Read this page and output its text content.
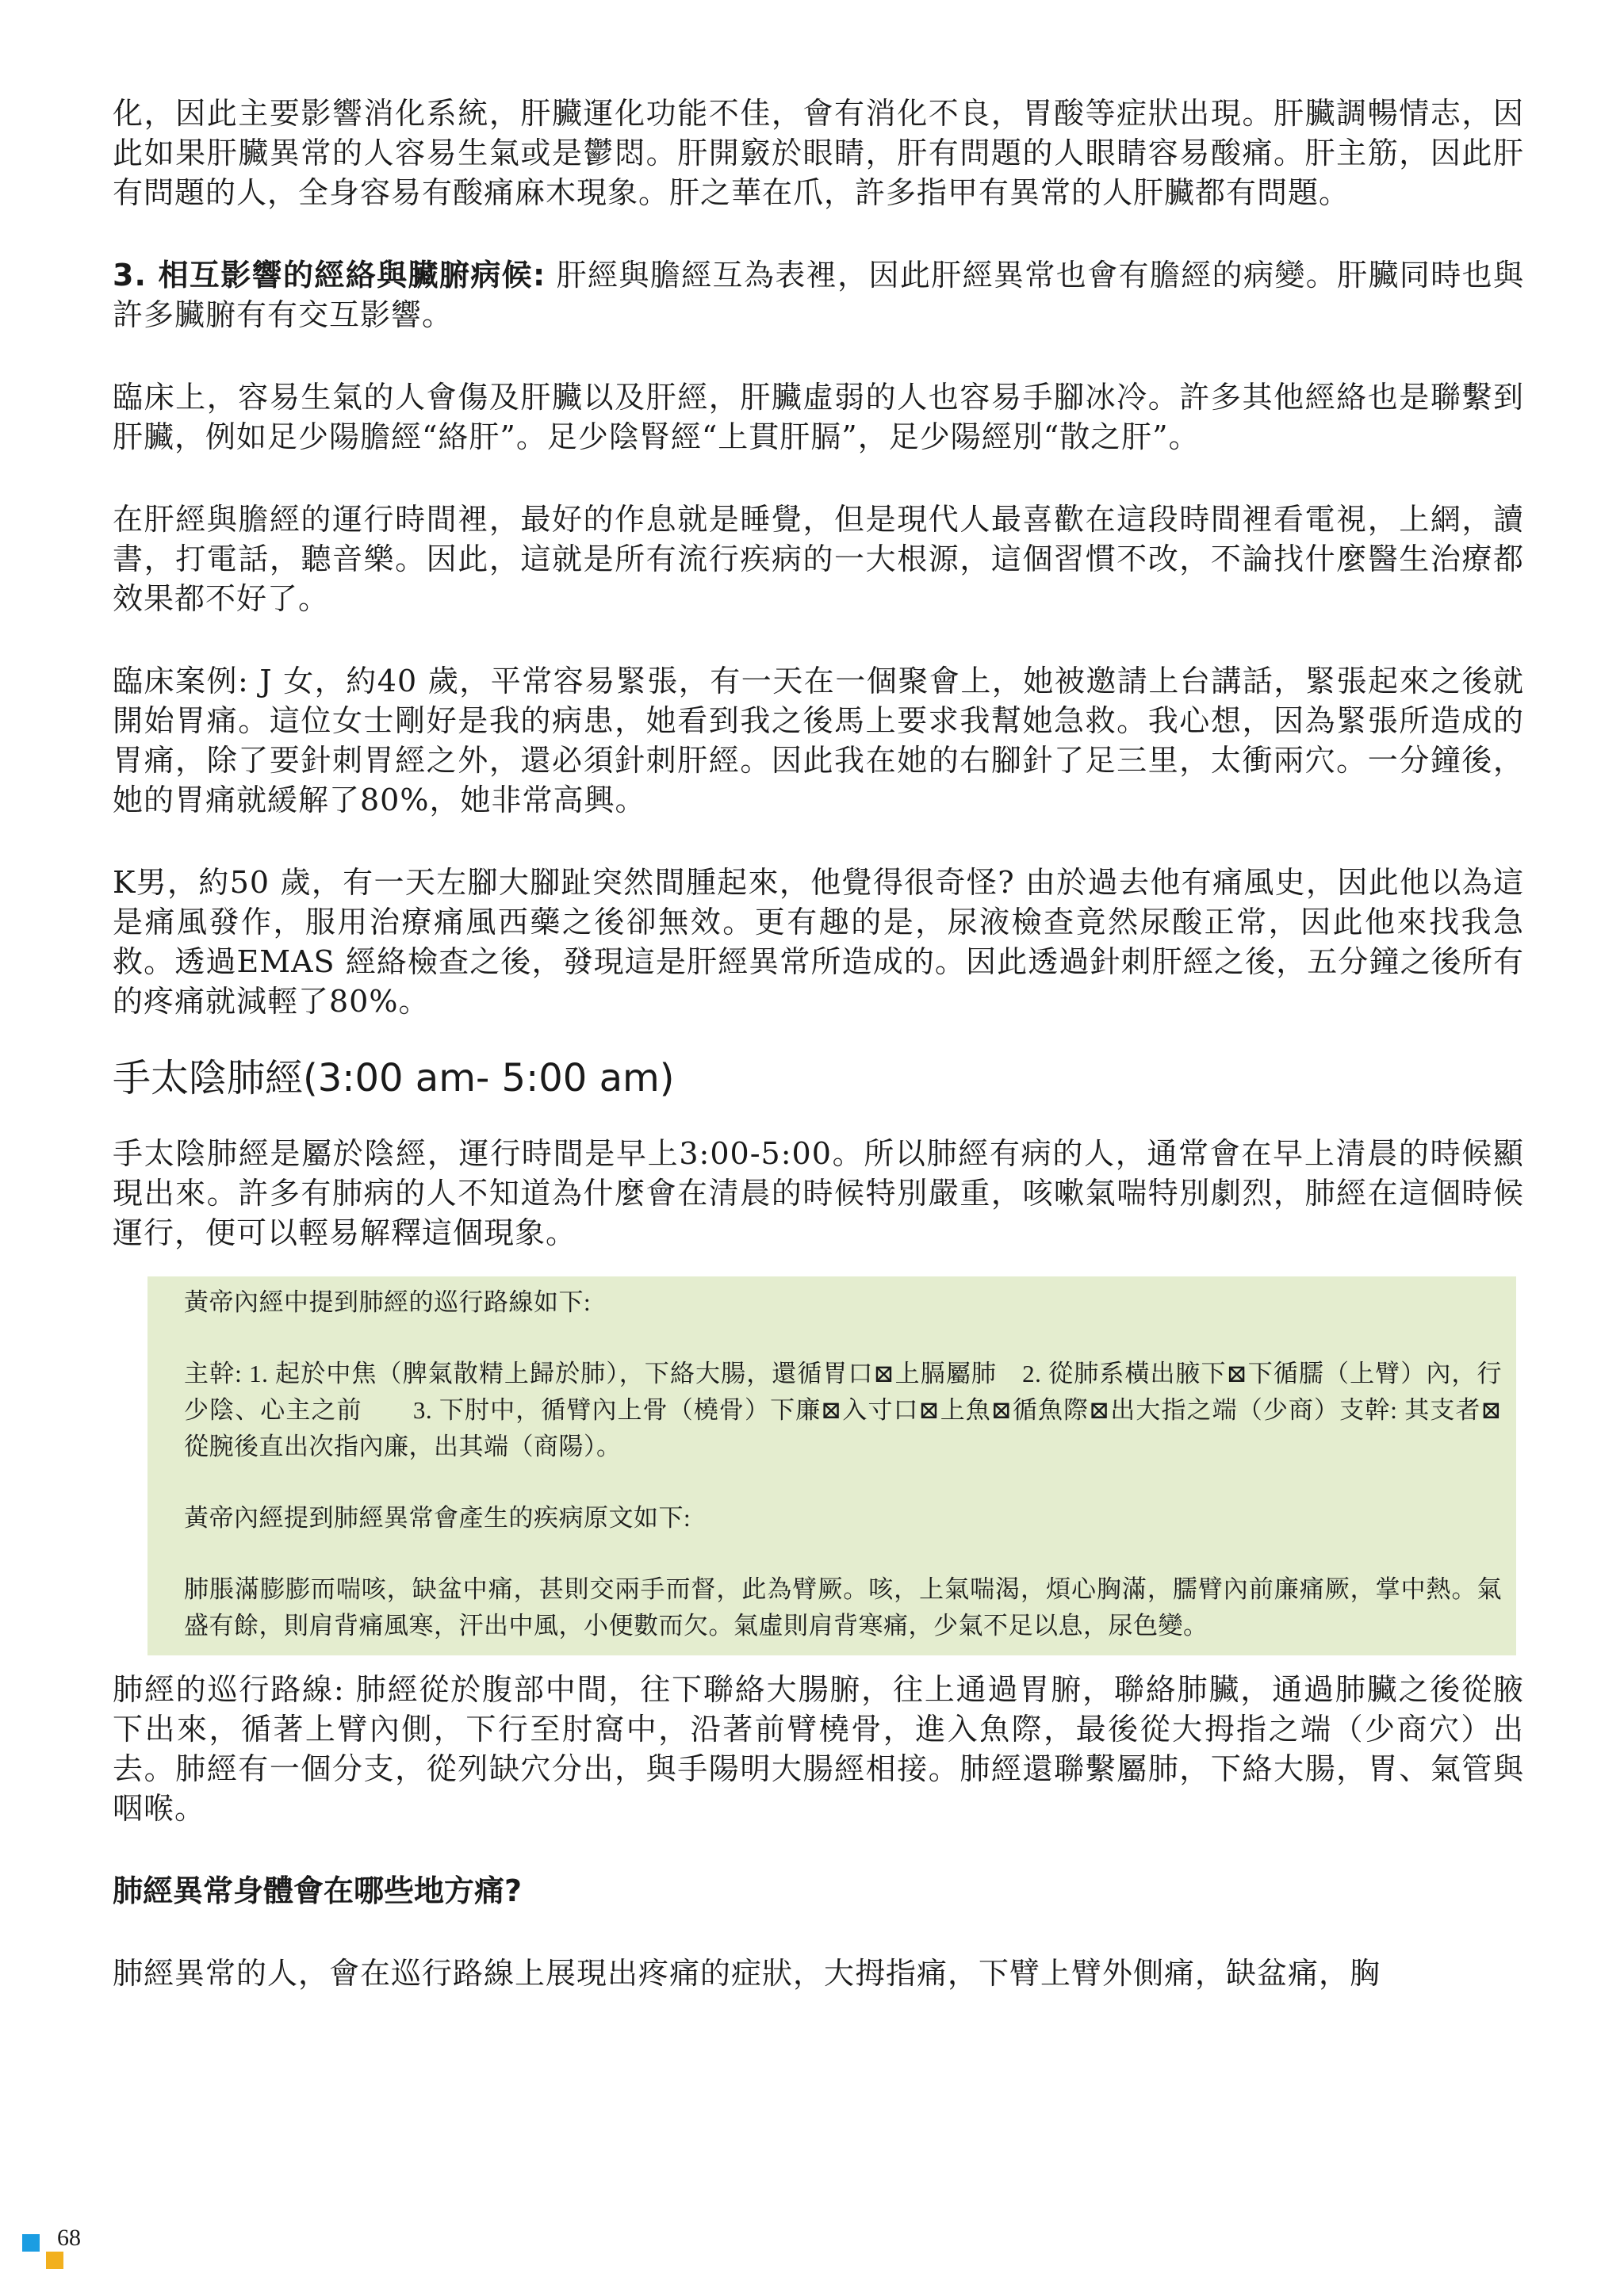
化，因此主要影響消化系統，肝臟運化功能不佳，會有消化不良，胃酸等症狀出現。肝臟調暢情志，因此如果肝臟異常的人容易生氣或是鬱悶。肝開竅於眼睛，肝有問題的人眼睛容易酸痛。肝主筋，因此肝有問題的人，全身容易有酸痛麻木現象。肝之華在爪，許多指甲有異常的人肝臟都有問題。

3. 相互影響的經絡與臟腑病候: 肝經與膽經互為表裡，因此肝經異常也會有膽經的病變。肝臟同時也與許多臟腑有有交互影響。

臨床上，容易生氣的人會傷及肝臟以及肝經，肝臟虛弱的人也容易手腳冰冷。許多其他經絡也是聯繫到肝臟，例如足少陽膽經“絡肝”。足少陰腎經“上貫肝膈”，足少陽經別“散之肝”。

在肝經與膽經的運行時間裡，最好的作息就是睡覺，但是現代人最喜歡在這段時間裡看電視，上網，讀書，打電話，聽音樂。因此，這就是所有流行疾病的一大根源，這個習慣不改，不論找什麼醫生治療都效果都不好了。

臨床案例: J 女，約40 歲，平常容易緊張，有一天在一個聚會上，她被邀請上台講話，緊張起來之後就開始胃痛。這位女士剛好是我的病患，她看到我之後馬上要求我幫她急救。我心想，因為緊張所造成的胃痛，除了要針刺胃經之外，還必須針刺肝經。因此我在她的右腳針了足三里，太衝兩穴。一分鐘後，她的胃痛就緩解了80%，她非常高興。

K男，約50 歲，有一天左腳大腳趾突然間腫起來，他覺得很奇怪? 由於過去他有痛風史，因此他以為這是痛風發作，服用治療痛風西藥之後卻無效。更有趣的是，尿液檢查竟然尿酸正常，因此他來找我急救。透過EMAS 經絡檢查之後，發現這是肝經異常所造成的。因此透過針刺肝經之後，五分鐘之後所有的疼痛就減輕了80%。

手太陰肺經(3:00 am- 5:00 am)

手太陰肺經是屬於陰經，運行時間是早上3:00-5:00。所以肺經有病的人，通常會在早上清晨的時候顯現出來。許多有肺病的人不知道為什麼會在清晨的時候特別嚴重，咳嗽氣喘特別劇烈，肺經在這個時候運行，便可以輕易解釋這個現象。

黃帝內經中提到肺經的巡行路線如下:

主幹: 1. 起於中焦（脾氣散精上歸於肺），下絡大腸，還循胃口⊠上膈屬肺　2. 從肺系橫出腋下⊠下循臑（上臂）內，行少陰、心主之前　　3. 下肘中，循臂內上骨（橈骨）下廉⊠入寸口⊠上魚⊠循魚際⊠出大指之端（少商）支幹: 其支者⊠從腕後直出次指內廉，出其端（商陽）。

黃帝內經提到肺經異常會產生的疾病原文如下:

肺脹滿膨膨而喘咳，缺盆中痛，甚則交兩手而督，此為臂厥。咳，上氣喘渴，煩心胸滿，臑臂內前廉痛厥，掌中熱。氣盛有餘，則肩背痛風寒，汗出中風，小便數而欠。氣虛則肩背寒痛，少氣不足以息，尿色變。

肺經的巡行路線: 肺經從於腹部中間，往下聯絡大腸腑，往上通過胃腑，聯絡肺臟，通過肺臟之後從腋下出來，循著上臂內側，下行至肘窩中，沿著前臂橈骨，進入魚際，最後從大拇指之端（少商穴）出去。肺經有一個分支，從列缺穴分出，與手陽明大腸經相接。肺經還聯繫屬肺，下絡大腸，胃、氣管與咽喉。

肺經異常身體會在哪些地方痛?

肺經異常的人，會在巡行路線上展現出疼痛的症狀，大拇指痛，下臂上臂外側痛，缺盆痛，胸

68
